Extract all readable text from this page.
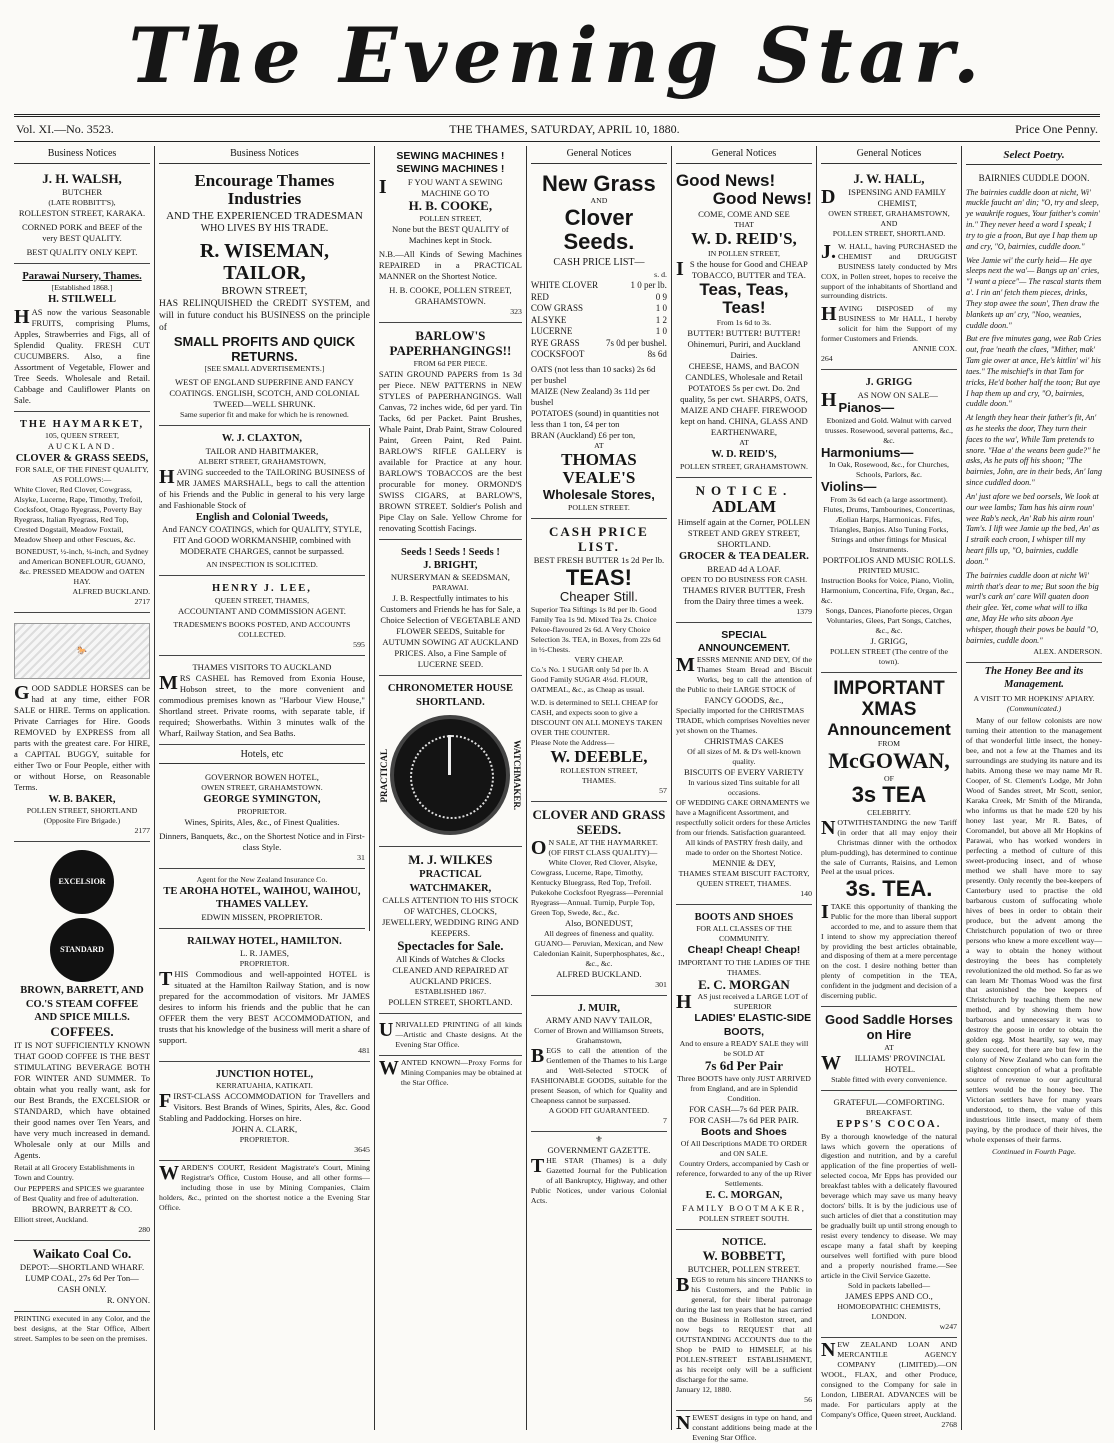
The Evening Star.
Vol. XI.—No. 3523.	THE THAMES, SATURDAY, APRIL 10, 1880.	Price One Penny.
Business Notices
J. H. WALSH,
BUTCHER
(LATE ROBBITT'S),
ROLLESTON STREET, KARAKA.
CORNED PORK and BEEF of the very BEST QUALITY.
BEST QUALITY ONLY KEPT.
Parawai Nursery, Thames.
[Established 1868.]
H. STILWELL
HAS now the various Seasonable FRUITS, comprising Plums, Apples, Strawberries and Figs, all of Splendid Quality. FRESH CUT CUCUMBERS. Also, a fine Assortment of Vegetable, Flower and Tree Seeds. Wholesale and Retail. Cabbage and Cauliflower Plants on Sale.
THE HAYMARKET,
105, QUEEN STREET,
AUCKLAND.
CLOVER & GRASS SEEDS,
FOR SALE, OF THE FINEST QUALITY, AS FOLLOWS:—
White Clover, Red Clover, Cowgrass, Alsyke, Lucerne, Rape, Timothy, Trefoil, Cocksfoot, Otago Ryegrass, Poverty Bay Ryegrass, Italian Ryegrass, Red Top, Crested Dogstail, Meadow Foxtail, Meadow Sheep and other Fescues, &c.
BONEDUST, ½-inch, ¼-inch, and Sydney and American BONEFLOUR, GUANO, &c. PRESSED MEADOW and OATEN HAY.
ALFRED BUCKLAND.
2717
🐎
GOOD SADDLE HORSES can be had at any time, either FOR SALE or HIRE. Terms on application. Private Carriages for Hire. Goods REMOVED by EXPRESS from all parts with the greatest care. For HIRE, a CAPITAL BUGGY, suitable for either Two or Four People, either with or without Horse, on Reasonable Terms.
W. B. BAKER,
POLLEN STREET, SHORTLAND
(Opposite Fire Brigade.)
2177
EXCELSIOR STANDARD
BROWN, BARRETT, AND CO.'S STEAM COFFEE AND SPICE MILLS.
COFFEES.
IT IS NOT SUFFICIENTLY KNOWN THAT GOOD COFFEE IS THE BEST STIMULATING BEVERAGE BOTH FOR WINTER AND SUMMER. To obtain what you really want, ask for our Best Brands, the EXCELSIOR or STANDARD, which have obtained their good names over Ten Years, and have very much increased in demand. Wholesale only at our Mills and Agents.
Retail at all Grocery Establishments in Town and Country.
Our PEPPERS and SPICES we guarantee of Best Quality and free of adulteration.
BROWN, BARRETT & CO.
Elliott street, Auckland.
280
Waikato Coal Co.
DEPOT:—SHORTLAND WHARF.
LUMP COAL, 27s 6d Per Ton—CASH ONLY.
R. ONYON.
PRINTING executed in any Color, and the best designs, at the Star Office, Albert street. Samples to be seen on the premises.
Business Notices
Encourage Thames Industries
AND THE EXPERIENCED TRADESMAN
WHO LIVES BY HIS TRADE.
R. WISEMAN, TAILOR,
BROWN STREET,
HAS RELINQUISHED the CREDIT SYSTEM, and will in future conduct his BUSINESS on the principle of
SMALL PROFITS AND QUICK RETURNS.
[SEE SMALL ADVERTISEMENTS.]
WEST OF ENGLAND SUPERFINE AND FANCY COATINGS. ENGLISH, SCOTCH, AND COLONIAL TWEED—WELL SHRUNK.
Same superior fit and make for which he is renowned.
W. J. CLAXTON,
TAILOR AND HABITMAKER,
ALBERT STREET, GRAHAMSTOWN,
HAVING succeeded to the TAILORING BUSINESS of MR JAMES MARSHALL, begs to call the attention of his Friends and the Public in general to his very large and Fashionable Stock of
English and Colonial Tweeds,
And FANCY COATINGS, which for QUALITY, STYLE, FIT And GOOD WORKMANSHIP, combined with MODERATE CHARGES, cannot be surpassed.
AN INSPECTION IS SOLICITED.
HENRY J. LEE,
QUEEN STREET, THAMES,
ACCOUNTANT AND COMMISSION AGENT.
TRADESMEN'S BOOKS POSTED, AND ACCOUNTS COLLECTED.
595
THAMES VISITORS TO AUCKLAND
MRS CASHEL has Removed from Exonia House, Hobson street, to the more convenient and commodious premises known as "Harbour View House," Shortland street. Private rooms, with separate table, if required; Showerbaths. Within 3 minutes walk of the Wharf, Railway Station, and Sea Baths.
Hotels, etc
GOVERNOR BOWEN HOTEL,
OWEN STREET, GRAHAMSTOWN.
GEORGE SYMINGTON,
PROPRIETOR.
Wines, Spirits, Ales, &c., of Finest Qualities.
Dinners, Banquets, &c., on the Shortest Notice and in First-class Style.
31
Agent for the New Zealand Insurance Co.
TE AROHA HOTEL, WAIHOU, WAIHOU, THAMES VALLEY.
EDWIN MISSEN, PROPRIETOR.
RAILWAY HOTEL, HAMILTON.
L. R. JAMES,
PROPRIETOR.
THIS Commodious and well-appointed HOTEL is situated at the Hamilton Railway Station, and is now prepared for the accommodation of visitors. Mr JAMES desires to inform his friends and the public that he can OFFER them the very BEST ACCOMMODATION, and trusts that his knowledge of the business will merit a share of support.
481
JUNCTION HOTEL,
KERRATUAHIA, KATIKATI.
FIRST-CLASS ACCOMMODATION for Travellers and Visitors. Best Brands of Wines, Spirits, Ales, &c. Good Stabling and Paddocking. Horses on hire.
JOHN A. CLARK,
PROPRIETOR.
3645
WARDEN'S COURT, Resident Magistrate's Court, Mining Registrar's Office, Custom House, and all other forms—including those in use by Mining Companies, Claim holders, &c., printed on the shortest notice a the Evening Star Office.
SEWING MACHINES ! SEWING MACHINES !
IF YOU WANT A SEWING MACHINE GO TO
H. B. COOKE,
POLLEN STREET,
None but the BEST QUALITY of Machines kept in Stock.
N.B.—All Kinds of Sewing Machines REPAIRED in a PRACTICAL MANNER on the Shortest Notice.
H. B. COOKE, POLLEN STREET, GRAHAMSTOWN.
323
BARLOW'S PAPERHANGINGS!!
FROM 6d PER PIECE.
SATIN GROUND PAPERS from 1s 3d per Piece. NEW PATTERNS in NEW STYLES of PAPERHANGINGS. Wall Canvas, 72 inches wide, 6d per yard. Tin Tacks, 6d per Packet. Paint Brushes, Whale Paint, Drab Paint, Straw Coloured Paint, Green Paint, Red Paint. BARLOW'S RIFLE GALLERY is available for Practice at any hour. BARLOW'S TOBACCOS are the best procurable for money. ORMOND'S SWISS CIGARS, at BARLOW'S, BROWN STREET. Soldier's Polish and Pipe Clay on Sale. Yellow Chrome for renovating Scottish Facings.
Seeds ! Seeds ! Seeds !
J. BRIGHT,
NURSERYMAN & SEEDSMAN,
PARAWAI.
J. B. Respectfully intimates to his Customers and Friends he has for Sale, a Choice Selection of VEGETABLE AND FLOWER SEEDS, Suitable for AUTUMN SOWING AT AUCKLAND PRICES. Also, a Fine Sample of LUCERNE SEED.
CHRONOMETER HOUSE SHORTLAND.
PRACTICAL	WATCHMAKER.
M. J. WILKES
PRACTICAL WATCHMAKER,
CALLS ATTENTION TO HIS STOCK OF WATCHES, CLOCKS, JEWELLERY, WEDDING RING AND KEEPERS.
Spectacles for Sale.
All Kinds of Watches & Clocks CLEANED AND REPAIRED AT AUCKLAND PRICES.
ESTABLISHED 1867.
POLLEN STREET, SHORTLAND.
UNRIVALLED PRINTING of all kinds—Artistic and Chaste designs. At the Evening Star Office.
WANTED KNOWN—Proxy Forms for Mining Companies may be obtained at the Star Office.
General Notices
New Grass
AND
Clover Seeds.
CASH PRICE LIST—
s. d.
WHITE CLOVER	1 0 per lb.
RED	0 9
COW GRASS	1 0
ALSYKE	1 2
LUCERNE	1 0
RYE GRASS	7s 0d per bushel.
COCKSFOOT	8s 6d
OATS (not less than 10 sacks) 2s 6d per bushel
MAIZE (New Zealand) 3s 11d per bushel
POTATOES (sound) in quantities not less than 1 ton, £4 per ton
BRAN (Auckland) £6 per ton,
AT
THOMAS VEALE'S
Wholesale Stores,
POLLEN STREET.
CASH PRICE LIST.
BEST FRESH BUTTER 1s 2d Per lb.
TEAS!
Cheaper Still.
Superior Tea Siftings 1s 8d per lb. Good Family Tea 1s 9d. Mixed Tea 2s. Choice Pekoe-flavoured 2s 6d. A Very Choice Selection 3s. TEA, in Boxes, from 22s 6d in ½-Chests.
VERY CHEAP.
Co.'s No. 1 SUGAR only 5d per lb. A Good Family SUGAR 4½d. FLOUR, OATMEAL, &c., as Cheap as usual.
W.D. is determined to SELL CHEAP for CASH, and expects soon to give a DISCOUNT ON ALL MONEYS TAKEN OVER THE COUNTER.
Please Note the Address—
W. DEEBLE,
ROLLESTON STREET,
THAMES.
57
CLOVER AND GRASS SEEDS.
ON SALE, AT THE HAYMARKET. (OF FIRST CLASS QUALITY)— White Clover, Red Clover, Alsyke, Cowgrass, Lucerne, Rape, Timothy, Kentucky Bluegrass, Red Top, Trefoil. Pukekohe Cocksfoot Ryegrass—Perennial Ryegrass—Annual. Turnip, Purple Top, Green Top, Swede, &c., &c.
Also, BONEDUST,
All degrees of fineness and quality.
GUANO— Peruvian, Mexican, and New Caledonian Kainit, Superphosphates, &c., &c., &c.
ALFRED BUCKLAND.
301
J. MUIR,
ARMY AND NAVY TAILOR,
Corner of Brown and Williamson Streets, Grahamstown,
BEGS to call the attention of the Gentlemen of the Thames to his Large and Well-Selected STOCK of FASHIONABLE GOODS, suitable for the present Season, of which for Quality and Cheapness cannot be surpassed.
A GOOD FIT GUARANTEED.
7
⚜
GOVERNMENT GAZETTE.
THE STAR (Thames) is a duly Gazetted Journal for the Publication of all Bankruptcy, Highway, and other Public Notices, under various Colonial Acts.
General Notices
Good News!
Good News!
COME, COME AND SEE
THAT
W. D. REID'S,
IN POLLEN STREET,
IS the house for Good and CHEAP TOBACCO, BUTTER and TEA.
Teas, Teas, Teas!
From 1s 6d to 3s.
BUTTER! BUTTER! BUTTER! Ohinemuri, Puriri, and Auckland Dairies.
CHEESE, HAMS, and BACON CANDLES, Wholesale and Retail POTATOES 5s per cwt. Do. 2nd quality, 5s per cwt. SHARPS, OATS, MAIZE AND CHAFF. FIREWOOD kept on hand. CHINA, GLASS AND EARTHENWARE,
AT
W. D. REID'S,
POLLEN STREET, GRAHAMSTOWN.
NOTICE.
ADLAM
Himself again at the Corner, POLLEN STREET AND GREY STREET, SHORTLAND.
GROCER & TEA DEALER.
BREAD 4d A LOAF.
OPEN TO DO BUSINESS FOR CASH.
THAMES RIVER BUTTER, Fresh from the Dairy three times a week.
1379
SPECIAL ANNOUNCEMENT.
MESSRS MENNIE AND DEY, Of the Thames Steam Bread and Biscuit Works, beg to call the attention of the Public to their LARGE STOCK of
FANCY GOODS, &c.,
Specially imported for the CHRISTMAS TRADE, which comprises Novelties never yet shown on the Thames.
CHRISTMAS CAKES
Of all sizes of M. & D's well-known quality.
BISCUITS OF EVERY VARIETY
In various sized Tins suitable for all occasions.
OF WEDDING CAKE ORNAMENTS we have a Magnificent Assortment, and respectfully solicit orders for these Articles from our friends. Satisfaction guaranteed.
All kinds of PASTRY fresh daily, and made to order on the Shortest Notice.
MENNIE & DEY,
THAMES STEAM BISCUIT FACTORY, QUEEN STREET, THAMES.
140
BOOTS AND SHOES
FOR ALL CLASSES OF THE COMMUNITY.
Cheap! Cheap! Cheap!
IMPORTANT TO THE LADIES OF THE THAMES.
E. C. MORGAN
HAS just received a LARGE LOT of SUPERIOR
LADIES' ELASTIC-SIDE BOOTS,
And to ensure a READY SALE they will be SOLD AT
7s 6d Per Pair
Three BOOTS have only JUST ARRIVED from England, and are in Splendid Condition.
FOR CASH—7s 6d PER PAIR.
FOR CASH—7s 6d PER PAIR.
Boots and Shoes
Of All Descriptions MADE TO ORDER and ON SALE.
Country Orders, accompanied by Cash or reference, forwarded to any of the up River Settlements.
E. C. MORGAN,
FAMILY BOOTMAKER,
POLLEN STREET SOUTH.
NOTICE.
W. BOBBETT,
BUTCHER, POLLEN STREET.
BEGS to return his sincere THANKS to his Customers, and the Public in general, for their liberal patronage during the last ten years that he has carried on the Business in Rolleston street, and now begs to REQUEST that all OUTSTANDING ACCOUNTS due to the Shop be PAID to HIMSELF, at his POLLEN-STREET ESTABLISHMENT, as his receipt only will be a sufficient discharge for the same.
January 12, 1880.
56
NEWEST designs in type on hand, and constant additions being made at the Evening Star Office.
General Notices
J. W. HALL,
DISPENSING AND FAMILY CHEMIST,
OWEN STREET, GRAHAMSTOWN,
AND
POLLEN STREET, SHORTLAND.
J.W. HALL, having PURCHASED the CHEMIST and DRUGGIST BUSINESS lately conducted by Mrs COX, in Pollen street, hopes to receive the support of the inhabitants of Shortland and surrounding districts.
HAVING DISPOSED of my BUSINESS to Mr HALL, I hereby solicit for him the Support of my former Customers and Friends.
ANNIE COX.
264
J. GRIGG
HAS NOW ON SALE—
Pianos—
Ebonized and Gold. Walnut with carved trusses. Rosewood, several patterns, &c., &c.
Harmoniums—
In Oak, Rosewood, &c., for Churches, Schools, Parlors, &c.
Violins—
From 3s 6d each (a large assortment). Flutes, Drums, Tambourines, Concertinas, Æolian Harps, Harmonicas. Fifes, Triangles, Banjos. Also Tuning Forks, Strings and other fittings for Musical Instruments.
PORTFOLIOS AND MUSIC ROLLS.
PRINTED MUSIC.
Instruction Books for Voice, Piano, Violin, Harmonium, Concertina, Fife, Organ, &c., &c.
Songs, Dances, Pianoforte pieces, Organ Voluntaries, Glees, Part Songs, Catches, &c., &c.
J. GRIGG,
POLLEN STREET (The centre of the town).
IMPORTANT XMAS
Announcement
FROM
McGOWAN,
OF
3s TEA
CELEBRITY.
NOTWITHSTANDING the new Tariff (in order that all may enjoy their Christmas dinner with the orthodox plum-pudding), has determined to continue the sale of Currants, Raisins, and Lemon Peel at the usual prices.
3s. TEA.
ITAKE this opportunity of thanking the Public for the more than liberal support accorded to me, and to assure them that I intend to show my appreciation thereof by providing the best articles obtainable, and disposing of them at a mere percentage on the cost. I desire nothing better than plenty of competition in the TEA, confident in the judgment and decision of a discerning public.
Good Saddle Horses on Hire
AT
WILLIAMS' PROVINCIAL HOTEL.
Stable fitted with every convenience.
GRATEFUL—COMFORTING.
BREAKFAST.
EPPS'S COCOA.
By a thorough knowledge of the natural laws which govern the operations of digestion and nutrition, and by a careful application of the fine properties of well-selected cocoa, Mr Epps has provided our breakfast tables with a delicately flavoured beverage which may save us many heavy doctors' bills. It is by the judicious use of such articles of diet that a constitution may be gradually built up until strong enough to resist every tendency to disease. We may escape many a fatal shaft by keeping ourselves well fortified with pure blood and a properly nourished frame.—See article in the Civil Service Gazette.
Sold in packets labelled—
JAMES EPPS AND CO.,
HOMOEOPATHIC CHEMISTS,
LONDON.
w247
NEW ZEALAND LOAN AND MERCANTILE AGENCY COMPANY (LIMITED).—ON WOOL, FLAX, and other Produce, consigned to the Company for sale in London, LIBERAL ADVANCES will be made. For particulars apply at the Company's Office, Queen street, Auckland.
2768
Select Poetry.
BAIRNIES CUDDLE DOON.
The bairnies cuddle doon at nicht, Wi' muckle faucht an' din; "O, try and sleep, ye waukrife rogues, Your faither's comin' in." They never heed a word I speak; I try to gie a froon, But aye I hap them up and cry, "O, bairnies, cuddle doon."
Wee Jamie wi' the curly heid— He aye sleeps next the wa'— Bangs up an' cries, "I want a piece"— The rascal starts them a'. I rin an' fetch them pieces, drinks, They stop awee the soun', Then draw the blankets up an' cry, "Noo, weanies, cuddle doon."
But ere five minutes gang, wee Rab Cries out, frae 'neath the claes, "Mither, mak' Tam gie ower at ance, He's kittlin' wi' his taes." The mischief's in that Tam for tricks, He'd bother half the toon; But aye I hap them up and cry, "O, bairnies, cuddle doon."
At length they hear their father's fit, An' as he steeks the door, They turn their faces to the wa', While Tam pretends to snore. "Hae a' the weans been gude?" he asks, As he puts off his shoon; "The bairnies, John, are in their beds, An' lang since cuddled doon."
An' just afore we bed oorsels, We look at our wee lambs; Tam has his airm roun' wee Rab's neck, An' Rab his airm roun' Tam's. I lift wee Jamie up the bed, An' as I straik each croon, I whisper till my heart fills up, "O, bairnies, cuddle doon."
The bairnies cuddle doon at nicht Wi' mirth that's dear to me; But soon the big warl's cark an' care Will quaten doon their glee. Yet, come what will to ilka ane, May He who sits aboon Aye whisper, though their pows be bauld "O, bairnies, cuddle doon."
ALEX. ANDERSON.
The Honey Bee and its Management.
A VISIT TO MR HOPKINS' APIARY.
(Communicated.)
Many of our fellow colonists are now turning their attention to the management of that wonderful little insect, the honey-bee, and not a few at the Thames and its surroundings are studying its nature and its habits. Among these we may name Mr R. Cooper, of St. Clement's Lodge, Mr John Wood of Sandes street, Mr Scott, senior, Karaka Creek, Mr Smith of the Miranda, who informs us that he made £20 by his honey last year, Mr R. Bates, of Coromandel, but above all Mr Hopkins of Parawai, who has worked wonders in perfecting a method of culture of this sweet-producing insect, and of whose method we shall have more to say presently. Only recently the bee-keepers of Canterbury used to practise the old barbarous custom of suffocating whole hives of bees in order to obtain their produce, but the advent among the Christchurch population of two or three persons who knew a more excellent way—a way to obtain the honey without destroying the bees has completely revolutionized the old method. So far as we can learn Mr Thomas Wood was the first that astonished the bee keepers of Christchurch by teaching them the new method, and by showing them how barbarous and unnecessary it was to destroy the goose in order to obtain the golden egg. Most heartily, say we, may they succeed, for there are but few in the colony of New Zealand who can form the slightest conception of what a profitable source of revenue to our agricultural settlers would be the honey bee. The Victorian settlers have for many years understood, to them, the value of this industrious little insect, many of them paying, by the produce of their hives, the whole expenses of their farms.
Continued in Fourth Page.
